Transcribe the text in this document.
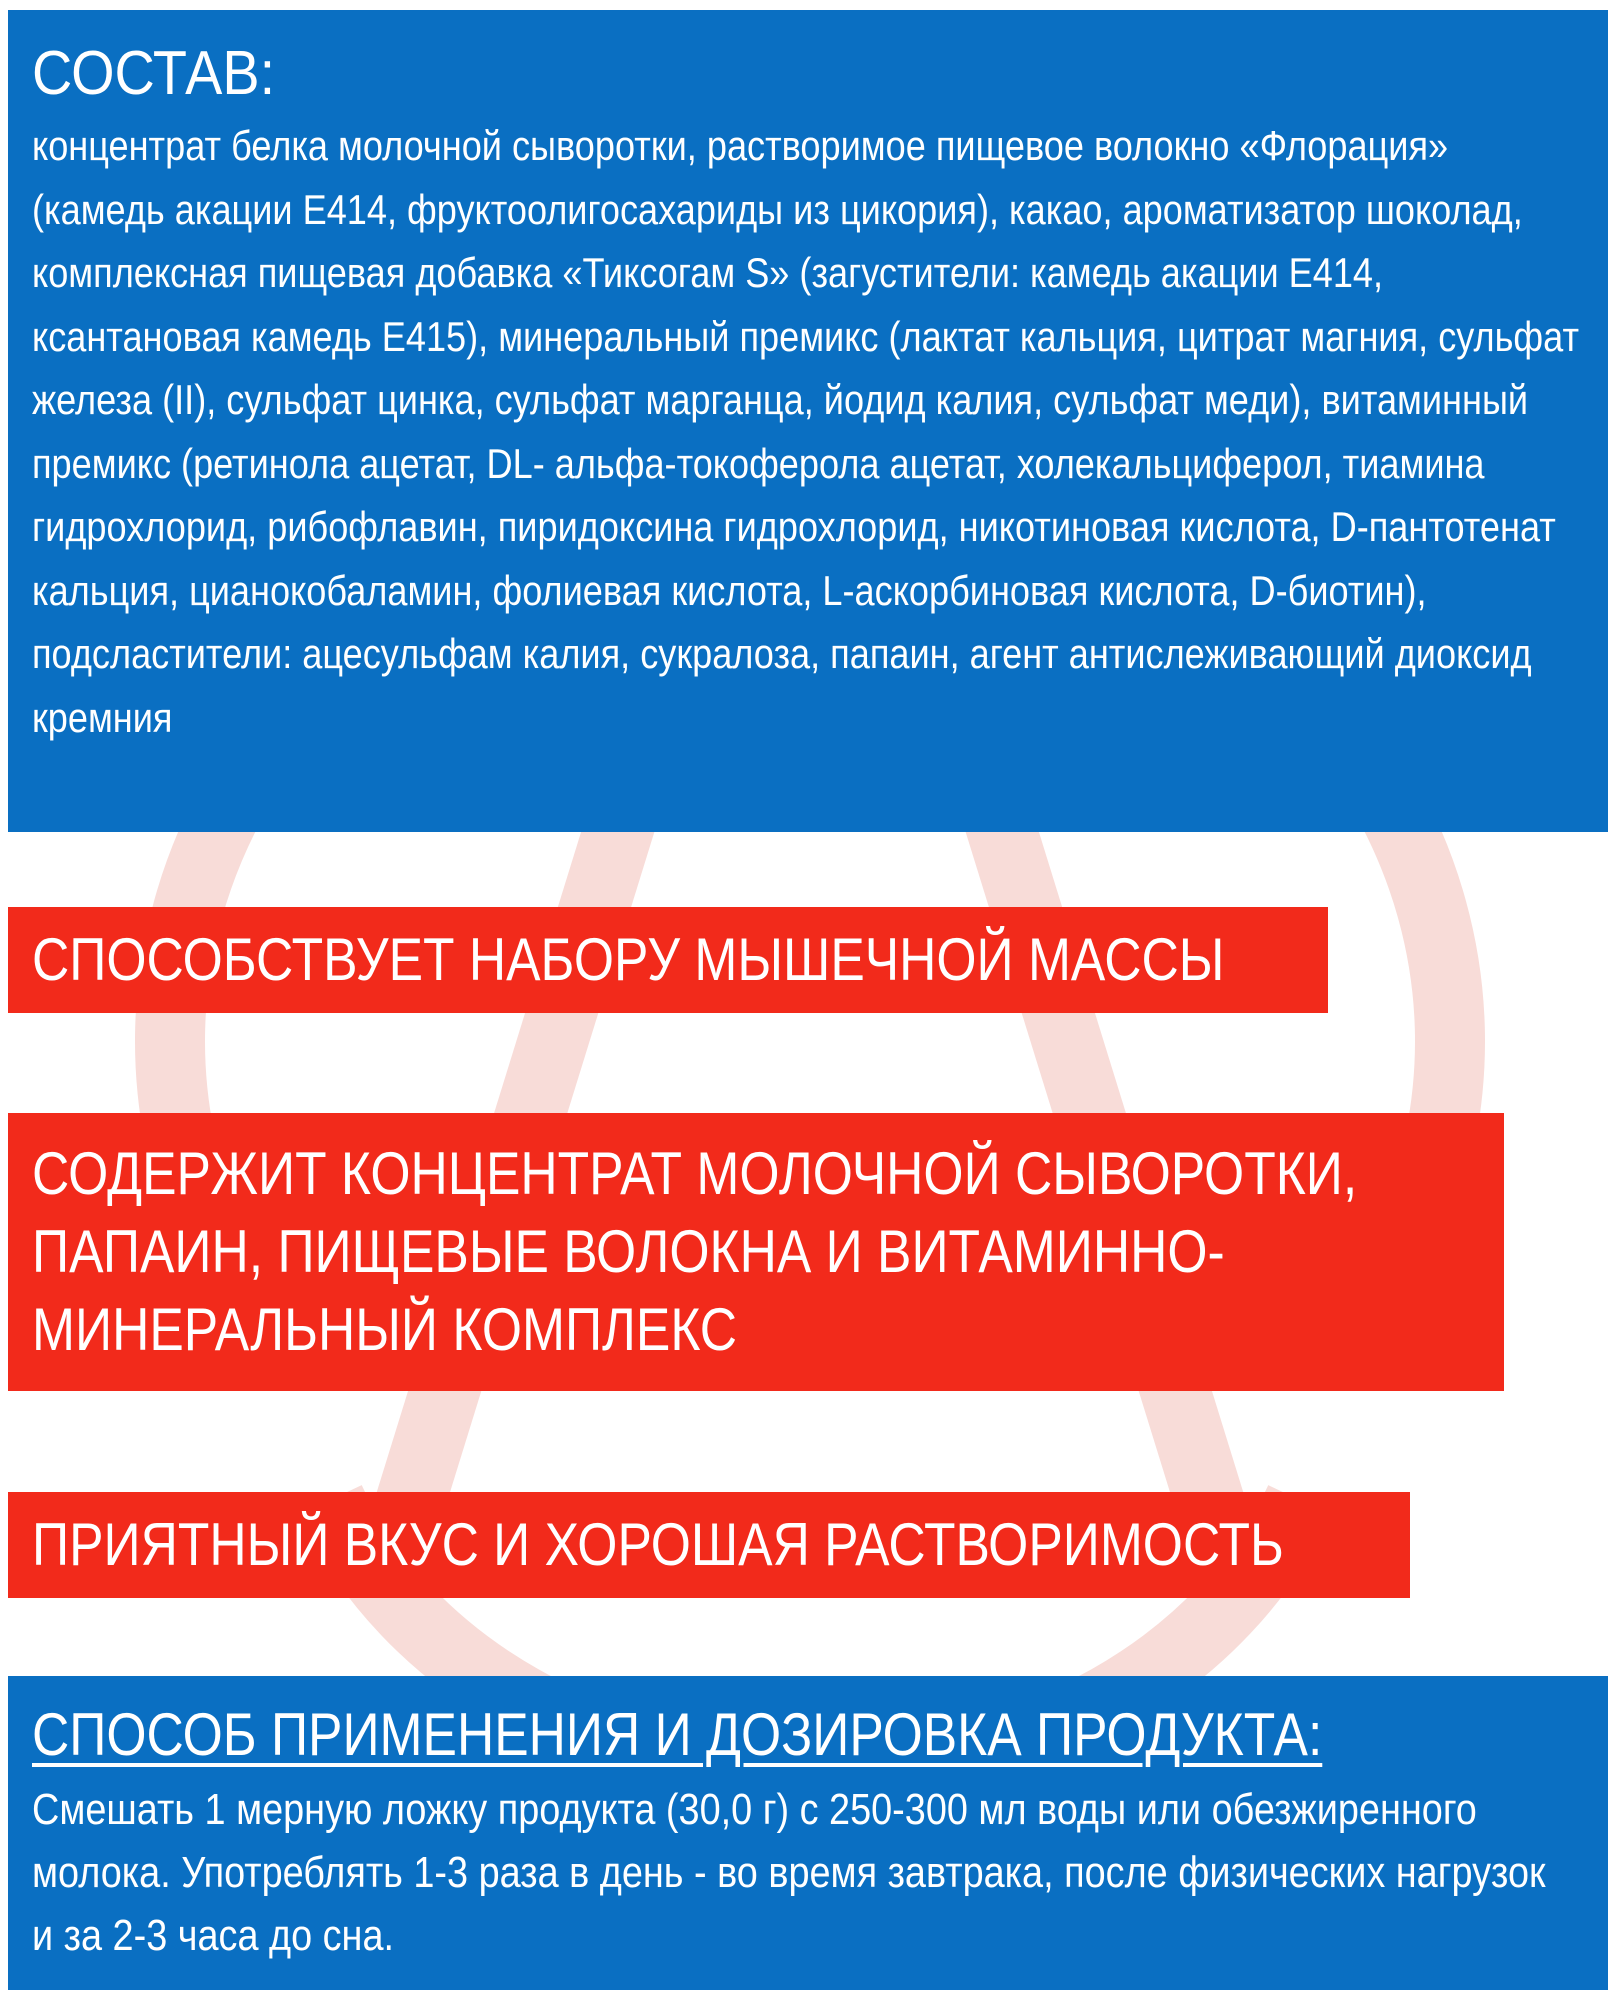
СОСТАВ:
концентрат белка молочной сыворотки, растворимое пищевое волокно «Флорация» (камедь акации Е414, фруктоолигосахариды из цикория), какао, ароматизатор шоколад, комплексная пищевая добавка «Тиксогам S» (загустители: камедь акации Е414, ксантановая камедь Е415), минеральный премикс (лактат кальция, цитрат магния, сульфат железа (II), сульфат цинка, сульфат марганца, йодид калия, сульфат меди), витаминный премикс (ретинола ацетат, DL- альфа-токоферола ацетат, холекальциферол, тиамина гидрохлорид, рибофлавин, пиридоксина гидрохлорид, никотиновая кислота, D-пантотенат кальция, цианокобаламин, фолиевая кислота, L-аскорбиновая кислота, D-биотин), подсластители: ацесульфам калия, сукралоза, папаин, агент антислеживающий диоксид кремния
СПОСОБСТВУЕТ НАБОРУ МЫШЕЧНОЙ МАССЫ
СОДЕРЖИТ КОНЦЕНТРАТ МОЛОЧНОЙ СЫВОРОТКИ, ПАПАИН, ПИЩЕВЫЕ ВОЛОКНА И ВИТАМИННО-МИНЕРАЛЬНЫЙ КОМПЛЕКС
ПРИЯТНЫЙ ВКУС И ХОРОШАЯ РАСТВОРИМОСТЬ
СПОСОБ ПРИМЕНЕНИЯ И ДОЗИРОВКА ПРОДУКТА:
Смешать 1 мерную ложку продукта (30,0 г) с 250-300 мл воды или обезжиренного молока. Употреблять 1-3 раза в день - во время завтрака, после физических нагрузок и за 2-3 часа до сна.
